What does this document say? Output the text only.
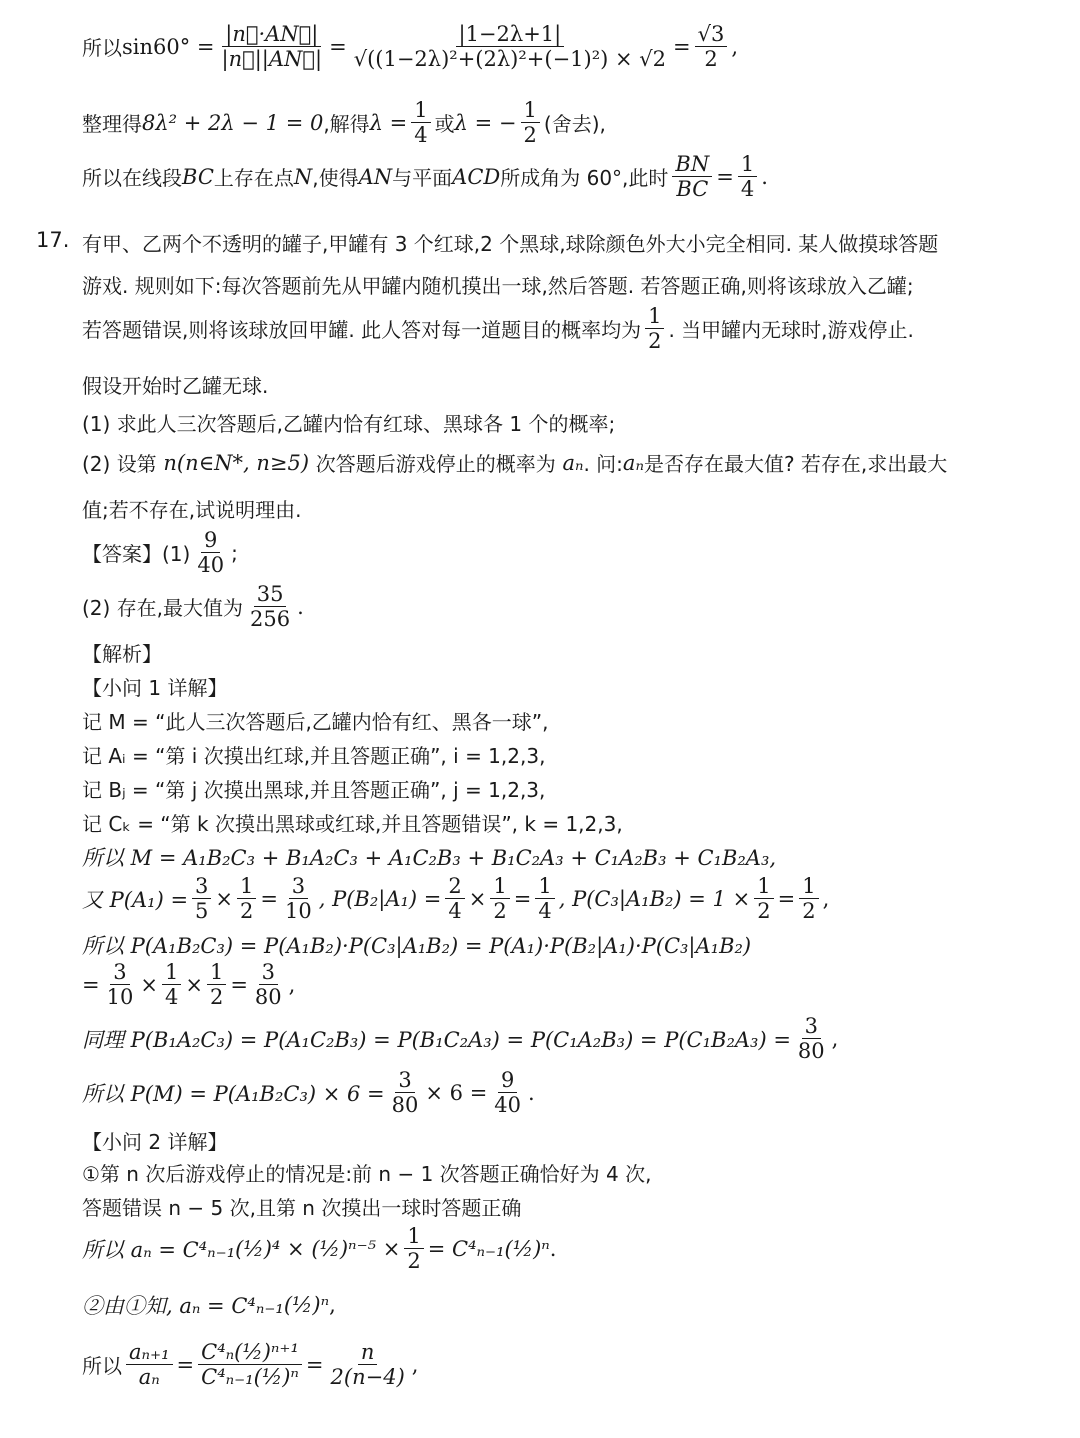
所以 $\sin 60^\circ = \frac{|n⃗\cdot AN⃗|}{|n⃗||AN⃗|} = \frac{|1-2\lambda+1|}{\text{√((1−2λ)²+(2λ)²+(−1)²) × √2}} = \frac{√3}{2}$ ,
整理得 8λ² + 2λ − 1 = 0 ,解得 $\lambda = \frac{1}{4}$ 或 λ = − $\frac{1}{2}$ (舍去),
所以在线段 BC 上存在点 N ,使得 AN 与平面 ACD 所成角为 60°,此时 $\frac{BN}{BC} = \frac{1}{4}$ .
17. 有甲、乙两个不透明的罐子,甲罐有 3 个红球,2 个黑球,球除颜色外大小完全相同. 某人做摸球答题
游戏. 规则如下:每次答题前先从甲罐内随机摸出一球,然后答题. 若答题正确,则将该球放入乙罐;
若答题错误,则将该球放回甲罐. 此人答对每一道题目的概率均为 $\frac{1}{2}$ . 当甲罐内无球时,游戏停止.
假设开始时乙罐无球.
(1) 求此人三次答题后,乙罐内恰有红球、黑球各 1 个的概率;
(2) 设第
n(n∈N*, n≥5)
次答题后游戏停止的概率为
aₙ . 问: aₙ 是否存在最大值? 若存在,求出最大
值;若不存在,试说明理由.
【答案】$(1) \frac{9}{40}$ ;
(2) 存在,最大值为 $\frac{35}{256}$ .
【解析】
【小问 1 详解】
记 M = “此人三次答题后,乙罐内恰有红、黑各一球”,
记 Aᵢ = “第 i 次摸出红球,并且答题正确”, i = 1,2,3,
记 Bⱼ = “第 j 次摸出黑球,并且答题正确”, j = 1,2,3,
记 Cₖ = “第 k 次摸出黑球或红球,并且答题错误”, k = 1,2,3,
所以 M = A₁B₂C₃ + B₁A₂C₃ + A₁C₂B₃ + B₁C₂A₃ + C₁A₂B₃ + C₁B₂A₃,
又 $P(A_1) = \frac{3}{5} \times \frac{1}{2} = \frac{3}{10}$ , $P(B_2|A_1) = \frac{2}{4} \times \frac{1}{2} = \frac{1}{4}$ , $P(C_3|A_1B_2) = 1 \times \frac{1}{2} = \frac{1}{2}$ ,
所以 P(A₁B₂C₃) = P(A₁B₂)·P(C₃|A₁B₂) = P(A₁)·P(B₂|A₁)·P(C₃|A₁B₂)
= $\frac{3}{10} \times \frac{1}{4} \times \frac{1}{2} = \frac{3}{80}$ ,
同理 $P(B_1A_2C_3) = P(A_1C_2B_3) = P(B_1C_2A_3) = P(C_1A_2B_3) = P(C_1B_2A_3) = \frac{3}{80}$ ,
所以 $P(M) = P(A_1B_2C_3) \times 6 = \frac{3}{80} \times 6 = \frac{9}{40}$ .
【小问 2 详解】
①第 n 次后游戏停止的情况是:前 n − 1 次答题正确恰好为 4 次,
答题错误 n − 5 次,且第 n 次摸出一球时答题正确
所以 aₙ = C⁴ₙ₋₁ (½)⁴
×
(½)ⁿ⁻⁵
× $\frac{1}{2} = C^4_{n-1}$ (½)ⁿ .
②由①知, aₙ = C⁴ₙ₋₁ (½)ⁿ ,
所以 $\frac{\text{aₙ₊₁}}{\text{aₙ}} = \frac{\text{C⁴ₙ(½)ⁿ⁺¹}}{\text{C⁴ₙ₋₁(½)ⁿ}} = \frac{n}{2(n-4)}$ ,
